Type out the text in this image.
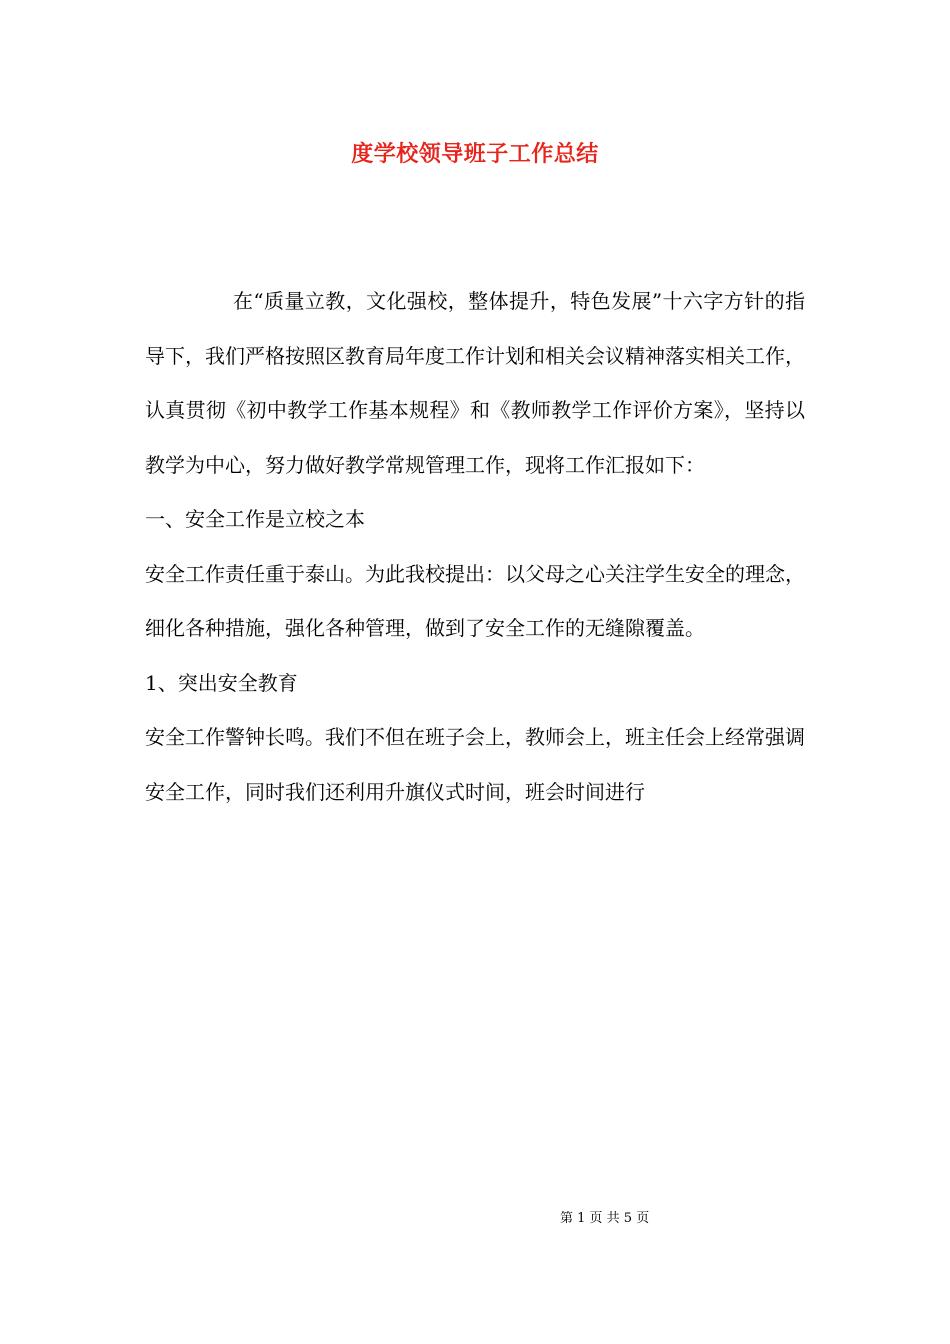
度学校领导班子工作总结

在“质量立教，文化强校，整体提升，特色发展”十六字方针的指导下，我们严格按照区教育局年度工作计划和相关会议精神落实相关工作，认真贯彻《初中教学工作基本规程》和《教师教学工作评价方案》，坚持以教学为中心，努力做好教学常规管理工作，现将工作汇报如下：

一、安全工作是立校之本

安全工作责任重于泰山。为此我校提出：以父母之心关注学生安全的理念，细化各种措施，强化各种管理，做到了安全工作的无缝隙覆盖。

1、突出安全教育

安全工作警钟长鸣。我们不但在班子会上，教师会上，班主任会上经常强调安全工作，同时我们还利用升旗仪式时间，班会时间进行

第 1 页 共 5 页
